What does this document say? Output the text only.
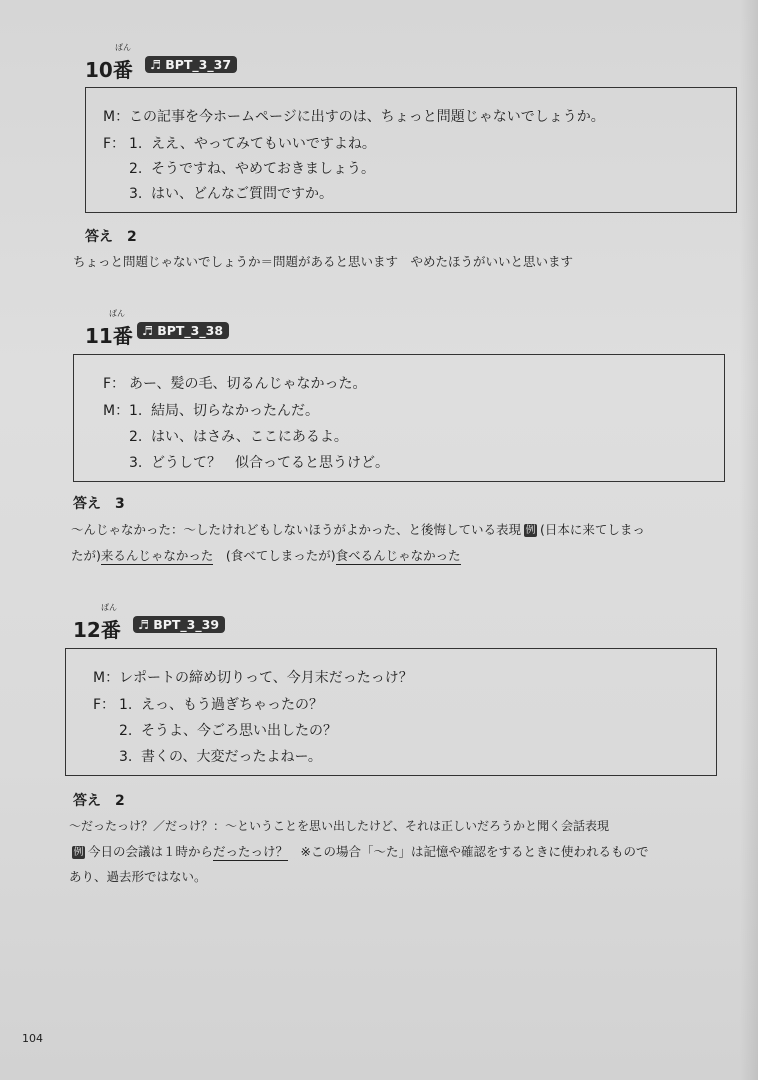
ばん
10番	♬ BPT_3_37
M：この記事を今ホームページに出すのは、ちょっと問題じゃないでしょうか。
F： 1. ええ、やってみてもいいですよね。
2. そうですね、やめておきましょう。
3. はい、どんなご質問ですか。
答え　2
ちょっと問題じゃないでしょうか＝問題があると思います　やめたほうがいいと思います
ばん
11番 ♬ BPT_3_38
F： あー、髪の毛、切るんじゃなかった。
M：1. 結局、切らなかったんだ。
2. はい、はさみ、ここにあるよ。
3. どうして？　似合ってると思うけど。
答え　3
～んじゃなかった：～したけれどもしないほうがよかった、と後悔している表現 例 (日本に来てしまっ
たが)来るんじゃなかった　(食べてしまったが)食べるんじゃなかった
ばん
12番	♬ BPT_3_39
M：レポートの締め切りって、今月末だったっけ？
F： 1. えっ、もう過ぎちゃったの？
2. そうよ、今ごろ思い出したの？
3. 書くの、大変だったよねー。
答え　2
～だったっけ？／だっけ？：～ということを思い出したけど、それは正しいだろうかと聞く会話表現
例 今日の会議は１時からだったっけ？　※この場合「～た」は記憶や確認をするときに使われるもので
あり、過去形ではない。
104
